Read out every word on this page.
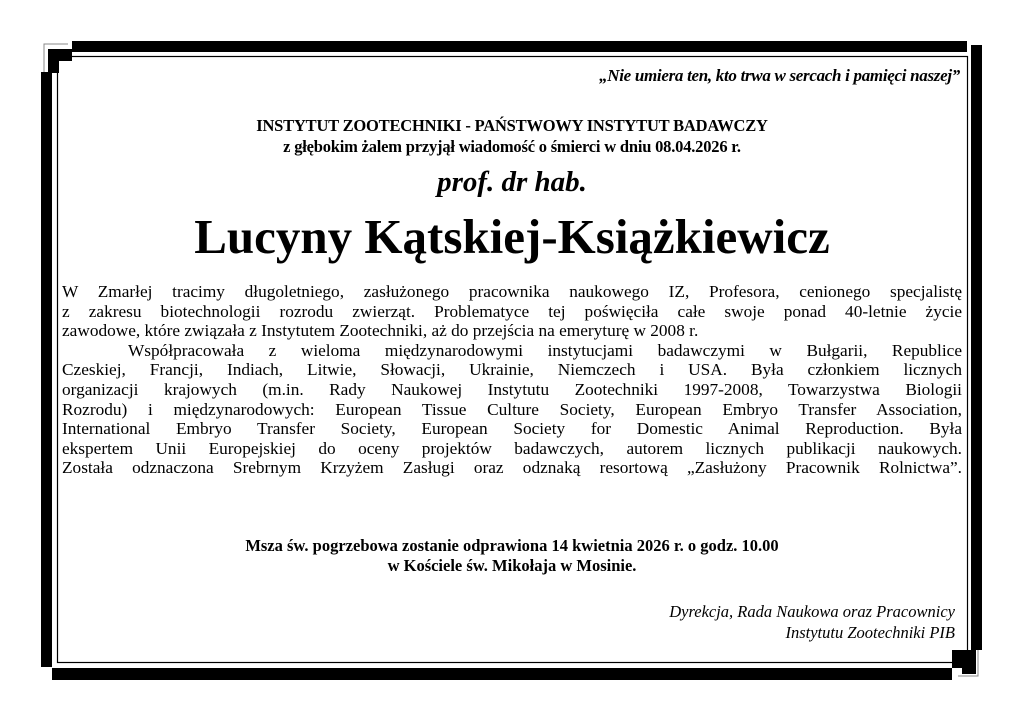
„Nie umiera ten, kto trwa w sercach i pamięci naszej”
INSTYTUT ZOOTECHNIKI - PAŃSTWOWY INSTYTUT BADAWCZY
z głębokim żalem przyjął wiadomość o śmierci w dniu 08.04.2026 r.
prof. dr hab.
Lucyny Kątskiej-Książkiewicz
W Zmarłej tracimy długoletniego, zasłużonego pracownika naukowego IZ, Profesora, cenionego specjalistę
z zakresu biotechnologii rozrodu zwierząt. Problematyce tej poświęciła całe swoje ponad 40-letnie życie
zawodowe, które związała z Instytutem Zootechniki, aż do przejścia na emeryturę w 2008 r.
Współpracowała z wieloma międzynarodowymi instytucjami badawczymi w Bułgarii, Republice
Czeskiej, Francji, Indiach, Litwie, Słowacji, Ukrainie, Niemczech i USA. Była członkiem licznych
organizacji krajowych (m.in. Rady Naukowej Instytutu Zootechniki 1997-2008, Towarzystwa Biologii
Rozrodu) i międzynarodowych: European Tissue Culture Society, European Embryo Transfer Association,
International Embryo Transfer Society, European Society for Domestic Animal Reproduction. Była
ekspertem Unii Europejskiej do oceny projektów badawczych, autorem licznych publikacji naukowych.
Została odznaczona Srebrnym Krzyżem Zasługi oraz odznaką resortową „Zasłużony Pracownik Rolnictwa”.
Msza św. pogrzebowa zostanie odprawiona 14 kwietnia 2026 r. o godz. 10.00
w Kościele św. Mikołaja w Mosinie.
Dyrekcja, Rada Naukowa oraz Pracownicy
Instytutu Zootechniki PIB
